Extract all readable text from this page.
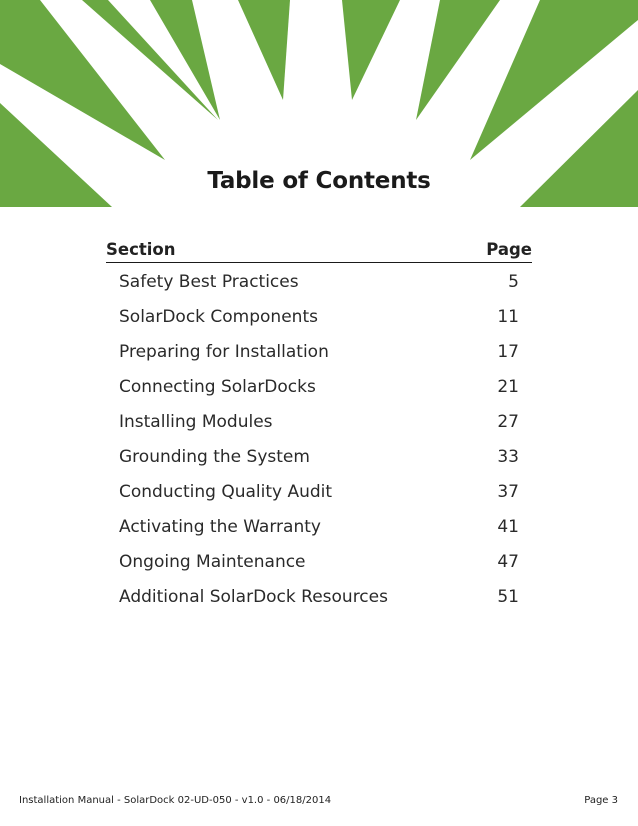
Table of Contents
Section	Page
Safety Best Practices	5
SolarDock Components	11
Preparing for Installation	17
Connecting SolarDocks	21
Installing Modules	27
Grounding the System	33
Conducting Quality Audit	37
Activating the Warranty	41
Ongoing Maintenance	47
Additional SolarDock Resources	51
Installation Manual - SolarDock 02-UD-050 - v1.0 - 06/18/2014	Page 3
